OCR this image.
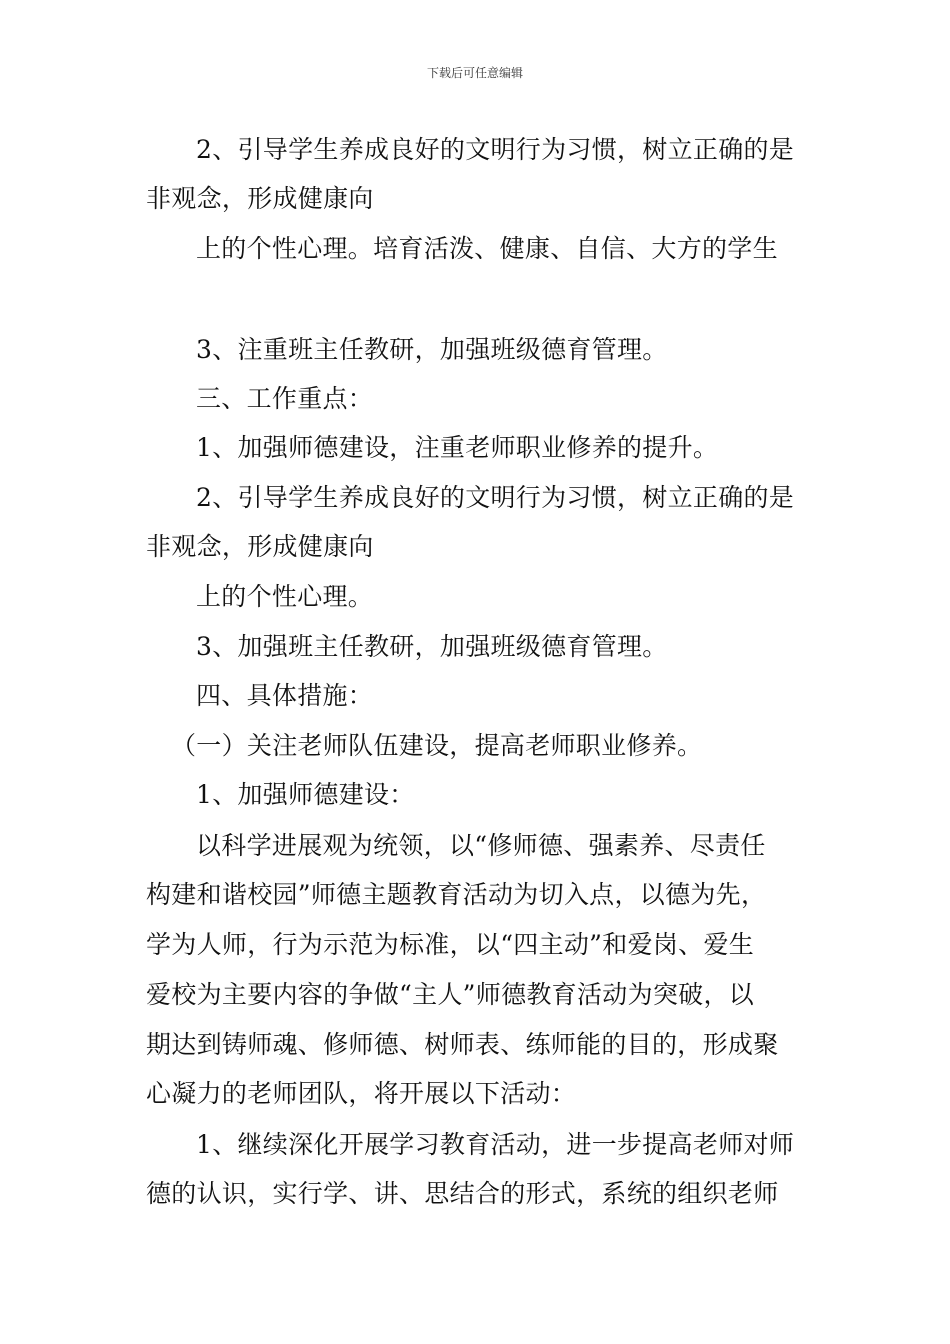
下载后可任意编辑
2、引导学生养成良好的文明行为习惯，树立正确的是
非观念，形成健康向
上的个性心理。培育活泼、健康、自信、大方的学生
3、注重班主任教研，加强班级德育管理。
三、工作重点：
1、加强师德建设，注重老师职业修养的提升。
2、引导学生养成良好的文明行为习惯，树立正确的是
非观念，形成健康向
上的个性心理。
3、加强班主任教研，加强班级德育管理。
四、具体措施：
（一）关注老师队伍建设，提高老师职业修养。
1、加强师德建设：
以科学进展观为统领，以“修师德、强素养、尽责任
构建和谐校园”师德主题教育活动为切入点，以德为先，
学为人师，行为示范为标准，以“四主动”和爱岗、爱生
爱校为主要内容的争做“主人”师德教育活动为突破，以
期达到铸师魂、修师德、树师表、练师能的目的，形成聚
心凝力的老师团队，将开展以下活动：
1、继续深化开展学习教育活动，进一步提高老师对师
德的认识，实行学、讲、思结合的形式，系统的组织老师
